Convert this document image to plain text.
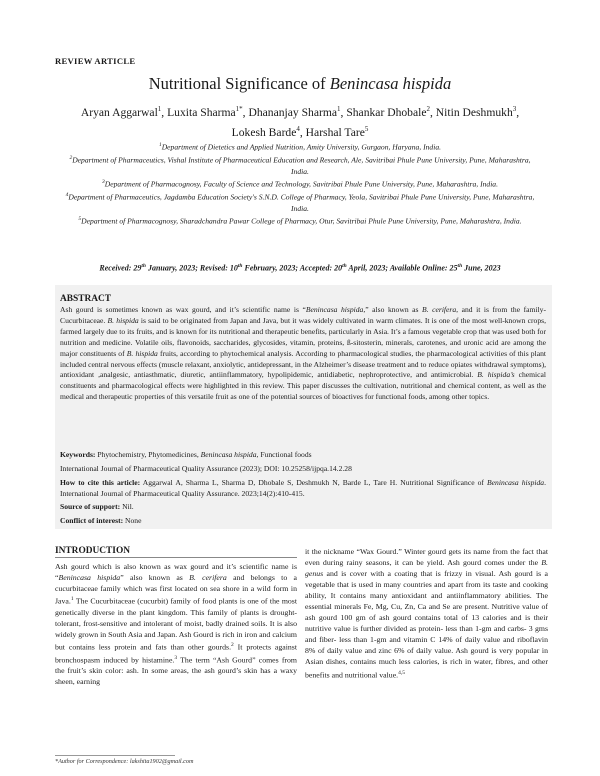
REVIEW ARTICLE
Nutritional Significance of Benincasa hispida
Aryan Aggarwal$^1$, Luxita Sharma$^{1*}$, Dhananjay Sharma$^1$, Shankar Dhobale$^2$, Nitin Deshmukh$^3$, Lokesh Barde$^4$, Harshal Tare$^5$
$^1$Department of Dietetics and Applied Nutrition, Amity University, Gurgaon, Haryana, India.
$^2$Department of Pharmaceutics, Vishal Institute of Pharmaceutical Education and Research, Ale, Savitribai Phule Pune University, Pune, Maharashtra, India.
$^3$Department of Pharmacognosy, Faculty of Science and Technology, Savitribai Phule Pune University, Pune, Maharashtra, India.
$^4$Department of Pharmaceutics, Jagdamba Education Society's S.N.D. College of Pharmacy, Yeola, Savitribai Phule Pune University, Pune, Maharashtra, India.
$^5$Department of Pharmacognosy, Sharadchandra Pawar College of Pharmacy, Otur, Savitribai Phule Pune University, Pune, Maharashtra, India.
Received: 29th January, 2023; Revised: 10th February, 2023; Accepted: 20th April, 2023; Available Online: 25th June, 2023
ABSTRACT
Ash gourd is sometimes known as wax gourd, and it’s scientific name is “Benincasa hispida,” also known as B. cerifera, and it is from the family- Cucurbitaceae. B. hispida is said to be originated from Japan and Java, but it was widely cultivated in warm climates. It is one of the most well-known crops, farmed largely due to its fruits, and is known for its nutritional and therapeutic benefits, particularly in Asia. It’s a famous vegetable crop that was used both for nutrition and medicine. Volatile oils, flavonoids, saccharides, glycosides, vitamin, proteins, ß-sitosterin, minerals, carotenes, and uronic acid are among the major constituents of B. hispida fruits, according to phytochemical analysis. According to pharmacological studies, the pharmacological activities of this plant included central nervous effects (muscle relaxant, anxiolytic, antidepressant, in the Alzheimer’s disease treatment and to reduce opiates withdrawal symptoms), antioxidant ,analgesic, antiasthmatic, diuretic, antiinflammatory, hypolipidemic, antidiabetic, nephroprotective, and antimicrobial. B. hispida’s chemical constituents and pharmacological effects were highlighted in this review. This paper discusses the cultivation, nutritional and chemical content, as well as the medical and therapeutic properties of this versatile fruit as one of the potential sources of bioactives for functional foods, among other topics.
Keywords: Phytochemistry, Phytomedicines, Benincasa hispida, Functional foods
International Journal of Pharmaceutical Quality Assurance (2023); DOI: 10.25258/ijpqa.14.2.28
How to cite this article: Aggarwal A, Sharma L, Sharma D, Dhobale S, Deshmukh N, Barde L, Tare H. Nutritional Significance of Benincasa hispida. International Journal of Pharmaceutical Quality Assurance. 2023;14(2):410-415.
Source of support: Nil.
Conflict of interest: None
INTRODUCTION
Ash gourd which is also known as wax gourd and it’s scientific name is “Benincasa hispida” also known as B. cerifera and belongs to a cucurbitaceae family which was first located on sea shore in a wild form in Java.$^1$ The Cucurbitaceae (cucurbit) family of food plants is one of the most genetically diverse in the plant kingdom. This family of plants is drought-tolerant, frost-sensitive and intolerant of moist, badly drained soils. It is also widely grown in South Asia and Japan. Ash Gourd is rich in iron and calcium but contains less protein and fats than other gourds.$^2$ It protects against bronchospasm induced by histamine.$^3$ The term “Ash Gourd” comes from the fruit’s skin color: ash. In some areas, the ash gourd’s skin has a waxy sheen, earning
it the nickname “Wax Gourd.” Winter gourd gets its name from the fact that even during rainy seasons, it can be yield. Ash gourd comes under the B. genus and is cover with a coating that is frizzy in visual. Ash gourd is a vegetable that is used in many countries and apart from its taste and cooking ability, It contains many antioxidant and antiinflammatory abilities. The essential minerals Fe, Mg, Cu, Zn, Ca and Se are present. Nutritive value of ash gourd 100 gm of ash gourd contains total of 13 calories and is their nutritive value is further divided as protein- less than 1-gm and carbs- 3 gms and fiber- less than 1-gm and vitamin C 14% of daily value and riboflavin 8% of daily value and zinc 6% of daily value. Ash gourd is very popular in Asian dishes, contains much less calories, is rich in water, fibres, and other benefits and nutritional value.$^{4,5}$
*Author for Correspondence: lakshita1902@gmail.com
